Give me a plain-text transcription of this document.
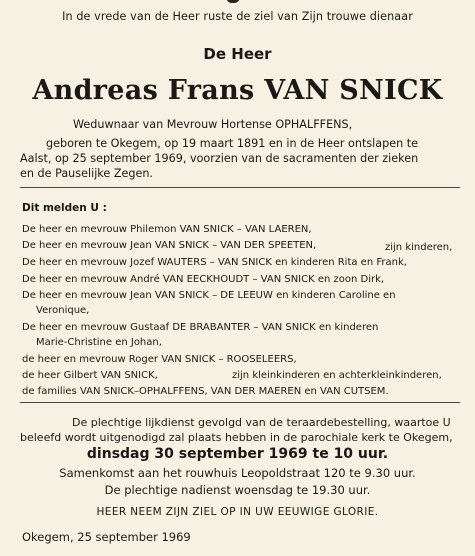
In de vrede van de Heer ruste de ziel van Zijn trouwe dienaar
De Heer
Andreas Frans VAN SNICK
Weduwnaar van Mevrouw Hortense OPHALFFENS,
geboren te Okegem, op 19 maart 1891 en in de Heer ontslapen te
Aalst, op 25 september 1969, voorzien van de sacramenten der zieken
en de Pauselijke Zegen.
Dit melden U :
De heer en mevrouw Philemon VAN SNICK – VAN LAEREN,
De heer en mevrouw Jean VAN SNICK – VAN DER SPEETEN,	zijn kinderen,
De heer en mevrouw Jozef WAUTERS – VAN SNICK en kinderen Rita en Frank,
De heer en mevrouw André VAN EECKHOUDT – VAN SNICK en zoon Dirk,
De heer en mevrouw Jean VAN SNICK – DE LEEUW en kinderen Caroline en
Veronique,
De heer en mevrouw Gustaaf DE BRABANTER – VAN SNICK en kinderen
Marie-Christine en Johan,
de heer en mevrouw Roger VAN SNICK – ROOSELEERS,
de heer Gilbert VAN SNICK,	zijn kleinkinderen en achterkleinkinderen,
de families VAN SNICK–OPHALFFENS, VAN DER MAEREN en VAN CUTSEM.
De plechtige lijkdienst gevolgd van de teraardebestelling, waartoe U
beleefd wordt uitgenodigd zal plaats hebben in de parochiale kerk te Okegem,
dinsdag 30 september 1969 te 10 uur.
Samenkomst aan het rouwhuis Leopoldstraat 120 te 9.30 uur.
De plechtige nadienst woensdag te 19.30 uur.
HEER NEEM ZIJN ZIEL OP IN UW EEUWIGE GLORIE.
Okegem, 25 september 1969
